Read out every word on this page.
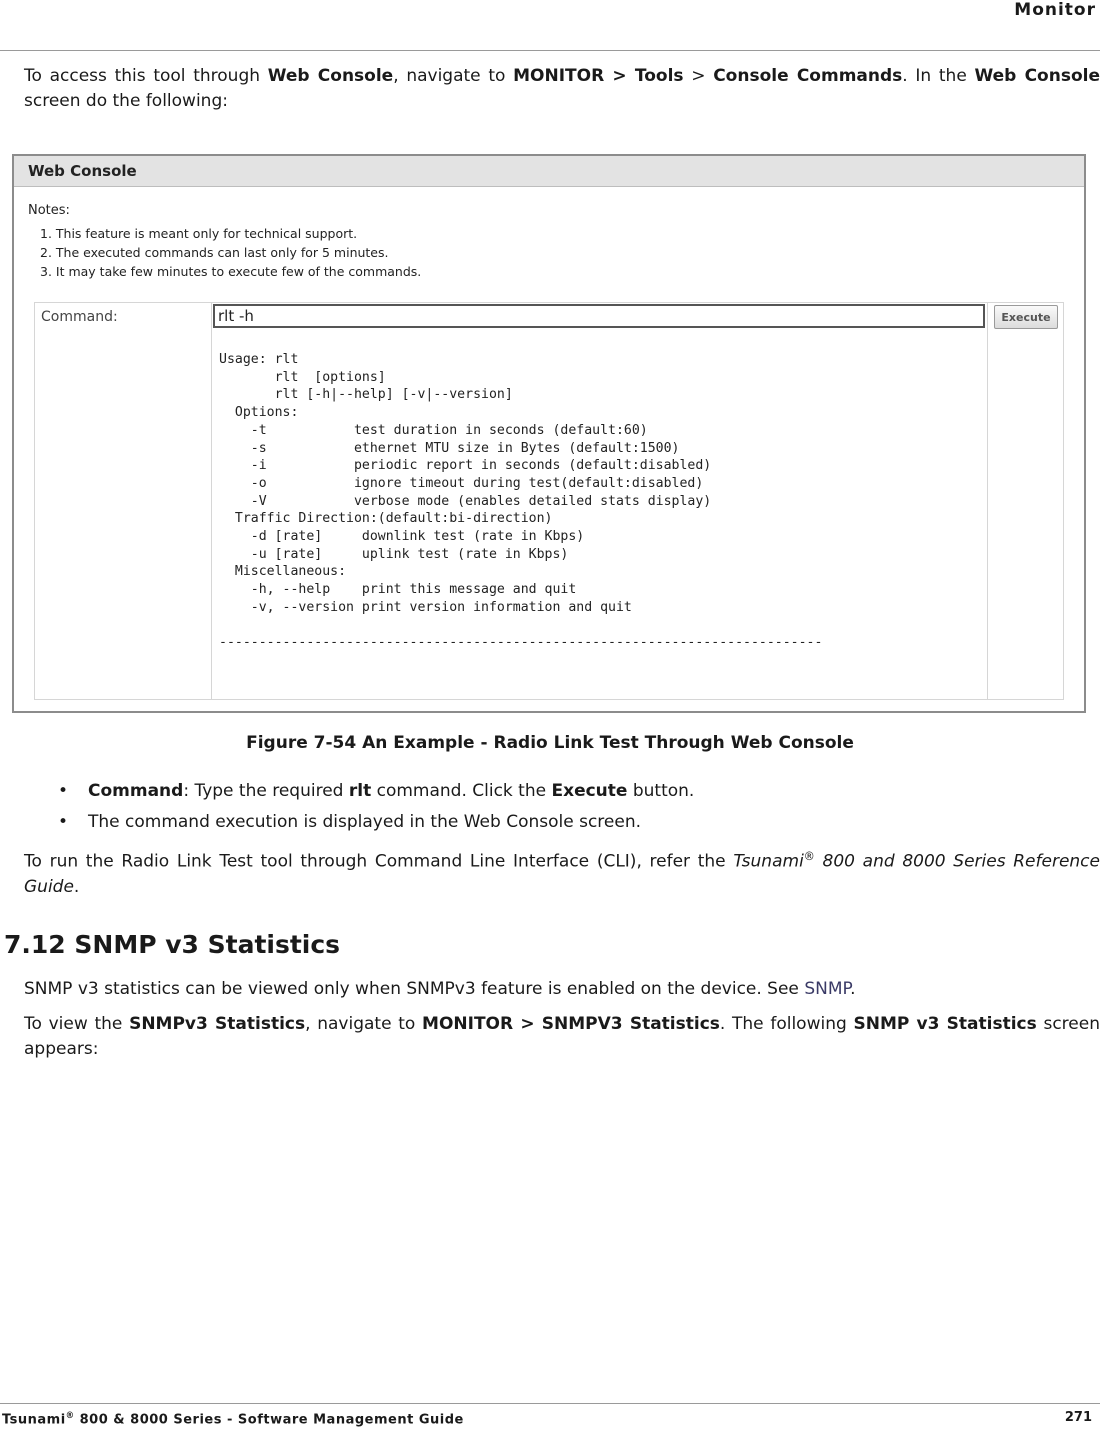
Monitor
To access this tool through Web Console, navigate to MONITOR > Tools > Console Commands. In the Web Console screen do the following:
Web Console
Notes:
1. This feature is meant only for technical support.
2. The executed commands can last only for 5 minutes.
3. It may take few minutes to execute few of the commands.
Command:
rlt -h	Execute
Usage: rlt
rlt  [options]
rlt [-h|--help] [-v|--version]
Options:
-t           test duration in seconds (default:60)
-s           ethernet MTU size in Bytes (default:1500)
-i           periodic report in seconds (default:disabled)
-o           ignore timeout during test(default:disabled)
-V           verbose mode (enables detailed stats display)
Traffic Direction:(default:bi-direction)
-d [rate]     downlink test (rate in Kbps)
-u [rate]     uplink test (rate in Kbps)
Miscellaneous:
-h, --help    print this message and quit
-v, --version print version information and quit

----------------------------------------------------------------------------
Figure 7-54 An Example - Radio Link Test Through Web Console
• Command: Type the required rlt command. Click the Execute button.
• The command execution is displayed in the Web Console screen.
To run the Radio Link Test tool through Command Line Interface (CLI), refer the Tsunami® 800 and 8000 Series Reference Guide.
7.12 SNMP v3 Statistics
SNMP v3 statistics can be viewed only when SNMPv3 feature is enabled on the device. See SNMP.
To view the SNMPv3 Statistics, navigate to MONITOR > SNMPV3 Statistics. The following SNMP v3 Statistics screen appears:
Tsunami® 800 & 8000 Series - Software Management Guide	271
